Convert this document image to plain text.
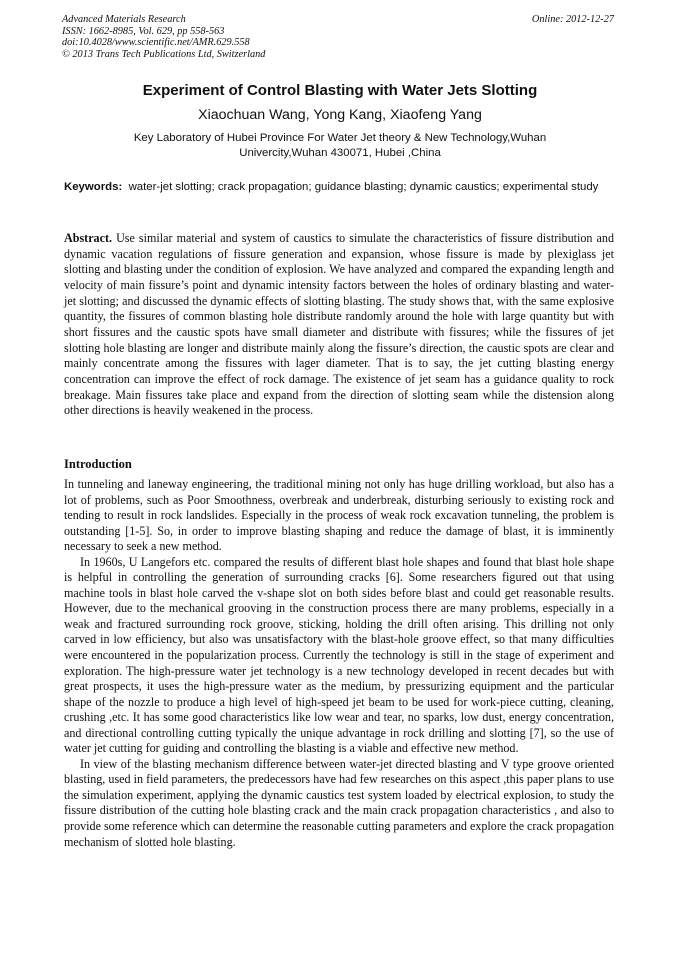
Advanced Materials Research
ISSN: 1662-8985, Vol. 629, pp 558-563
doi:10.4028/www.scientific.net/AMR.629.558
© 2013 Trans Tech Publications Ltd, Switzerland
Online: 2012-12-27
Experiment of Control Blasting with Water Jets Slotting
Xiaochuan Wang, Yong Kang, Xiaofeng Yang
Key Laboratory of Hubei Province For Water Jet theory & New Technology,Wuhan Univercity,Wuhan 430071, Hubei ,China
Keywords: water-jet slotting; crack propagation; guidance blasting; dynamic caustics; experimental study

Abstract. Use similar material and system of caustics to simulate the characteristics of fissure distribution and dynamic vacation regulations of fissure generation and expansion, whose fissure is made by plexiglass jet slotting and blasting under the condition of explosion. We have analyzed and compared the expanding length and velocity of main fissure’s point and dynamic intensity factors between the holes of ordinary blasting and water-jet slotting; and discussed the dynamic effects of slotting blasting. The study shows that, with the same explosive quantity, the fissures of common blasting hole distribute randomly around the hole with large quantity but with short fissures and the caustic spots have small diameter and distribute with fissures; while the fissures of jet slotting hole blasting are longer and distribute mainly along the fissure’s direction, the caustic spots are clear and mainly concentrate among the fissures with lager diameter. That is to say, the jet cutting blasting energy concentration can improve the effect of rock damage. The existence of jet seam has a guidance quality to rock breakage. Main fissures take place and expand from the direction of slotting seam while the distension along other directions is heavily weakened in the process.

Introduction

In tunneling and laneway engineering, the traditional mining not only has huge drilling workload, but also has a lot of problems, such as Poor Smoothness, overbreak and underbreak, disturbing seriously to existing rock and tending to result in rock landslides. Especially in the process of weak rock excavation tunneling, the problem is outstanding [1-5]. So, in order to improve blasting shaping and reduce the damage of blast, it is imminently necessary to seek a new method.

In 1960s, U Langefors etc. compared the results of different blast hole shapes and found that blast hole shape is helpful in controlling the generation of surrounding cracks [6]. Some researchers figured out that using machine tools in blast hole carved the v-shape slot on both sides before blast and could get reasonable results. However, due to the mechanical grooving in the construction process there are many problems, especially in a weak and fractured surrounding rock groove, sticking, holding the drill often arising. This drilling not only carved in low efficiency, but also was unsatisfactory with the blast-hole groove effect, so that many difficulties were encountered in the popularization process. Currently the technology is still in the stage of experiment and exploration. The high-pressure water jet technology is a new technology developed in recent decades but with great prospects, it uses the high-pressure water as the medium, by pressurizing equipment and the particular shape of the nozzle to produce a high level of high-speed jet beam to be used for work-piece cutting, cleaning, crushing ,etc. It has some good characteristics like low wear and tear, no sparks, low dust, energy concentration, and directional controlling cutting typically the unique advantage in rock drilling and slotting [7], so the use of water jet cutting for guiding and controlling the blasting is a viable and effective new method.

In view of the blasting mechanism difference between water-jet directed blasting and V type groove oriented blasting, used in field parameters, the predecessors have had few researches on this aspect ,this paper plans to use the simulation experiment, applying the dynamic caustics test system loaded by electrical explosion, to study the fissure distribution of the cutting hole blasting crack and the main crack propagation characteristics , and also to provide some reference which can determine the reasonable cutting parameters and explore the crack propagation mechanism of slotted hole blasting.
